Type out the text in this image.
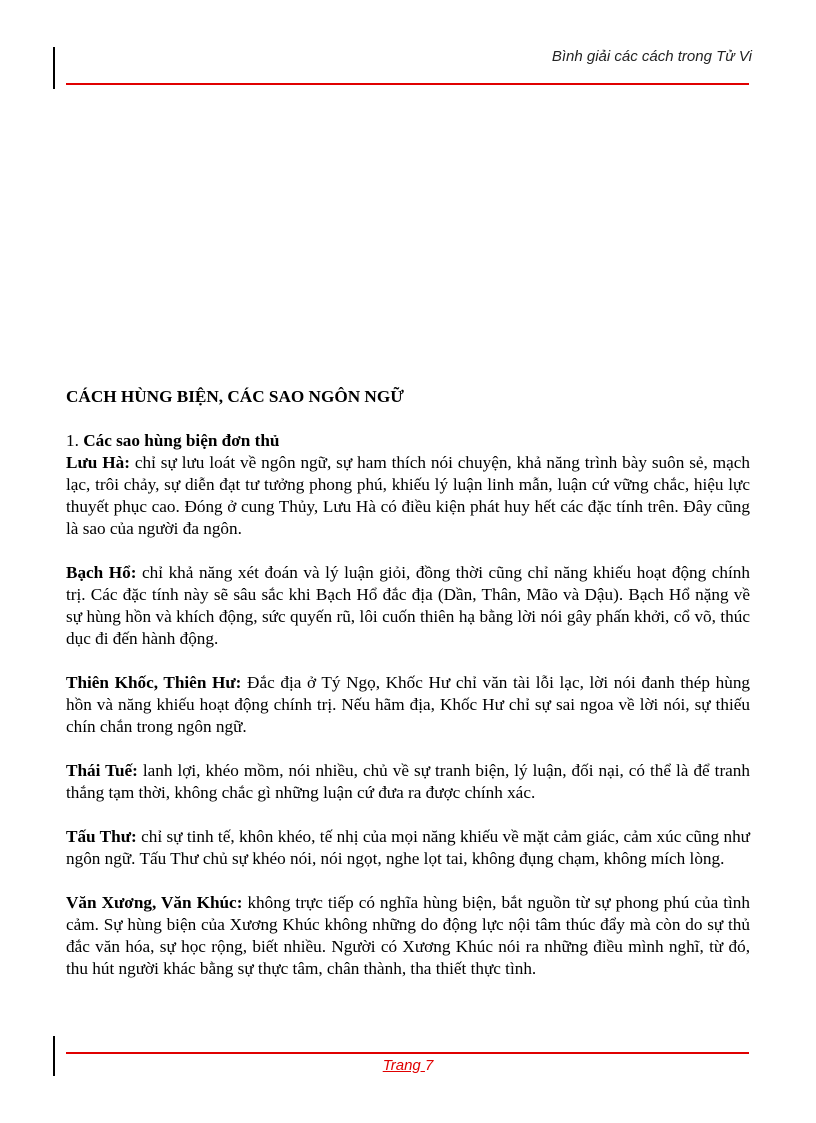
Bình giải các cách trong Tử Vi

CÁCH HÙNG BIỆN, CÁC SAO NGÔN NGỮ

1. Các sao hùng biện đơn thủ

Lưu Hà: chỉ sự lưu loát về ngôn ngữ, sự ham thích nói chuyện, khả năng trình bày suôn sẻ, mạch lạc, trôi chảy, sự diễn đạt tư tưởng phong phú, khiếu lý luận linh mẫn, luận cứ vững chắc, hiệu lực thuyết phục cao. Đóng ở cung Thủy, Lưu Hà có điều kiện phát huy hết các đặc tính trên. Đây cũng là sao của người đa ngôn.

Bạch Hổ: chỉ khả năng xét đoán và lý luận giỏi, đồng thời cũng chỉ năng khiếu hoạt động chính trị. Các đặc tính này sẽ sâu sắc khi Bạch Hổ đắc địa (Dần, Thân, Mão và Dậu). Bạch Hổ nặng về sự hùng hồn và khích động, sức quyến rũ, lôi cuốn thiên hạ bằng lời nói gây phấn khởi, cổ võ, thúc dục đi đến hành động.

Thiên Khốc, Thiên Hư: Đắc địa ở Tý Ngọ, Khốc Hư chỉ văn tài lỗi lạc, lời nói đanh thép hùng hồn và năng khiếu hoạt động chính trị. Nếu hãm địa, Khốc Hư chỉ sự sai ngoa về lời nói, sự thiếu chín chắn trong ngôn ngữ.

Thái Tuế: lanh lợi, khéo mồm, nói nhiều, chủ về sự tranh biện, lý luận, đối nại, có thể là để tranh thắng tạm thời, không chắc gì những luận cứ đưa ra được chính xác.

Tấu Thư: chỉ sự tinh tế, khôn khéo, tế nhị của mọi năng khiếu về mặt cảm giác, cảm xúc cũng như ngôn ngữ. Tấu Thư chủ sự khéo nói, nói ngọt, nghe lọt tai, không đụng chạm, không mích lòng.

Văn Xương, Văn Khúc: không trực tiếp có nghĩa hùng biện, bắt nguồn từ sự phong phú của tình cảm. Sự hùng biện của Xương Khúc không những do động lực nội tâm thúc đẩy mà còn do sự thủ đắc văn hóa, sự học rộng, biết nhiều. Người có Xương Khúc nói ra những điều mình nghĩ, từ đó, thu hút người khác bằng sự thực tâm, chân thành, tha thiết thực tình.

Trang 7
